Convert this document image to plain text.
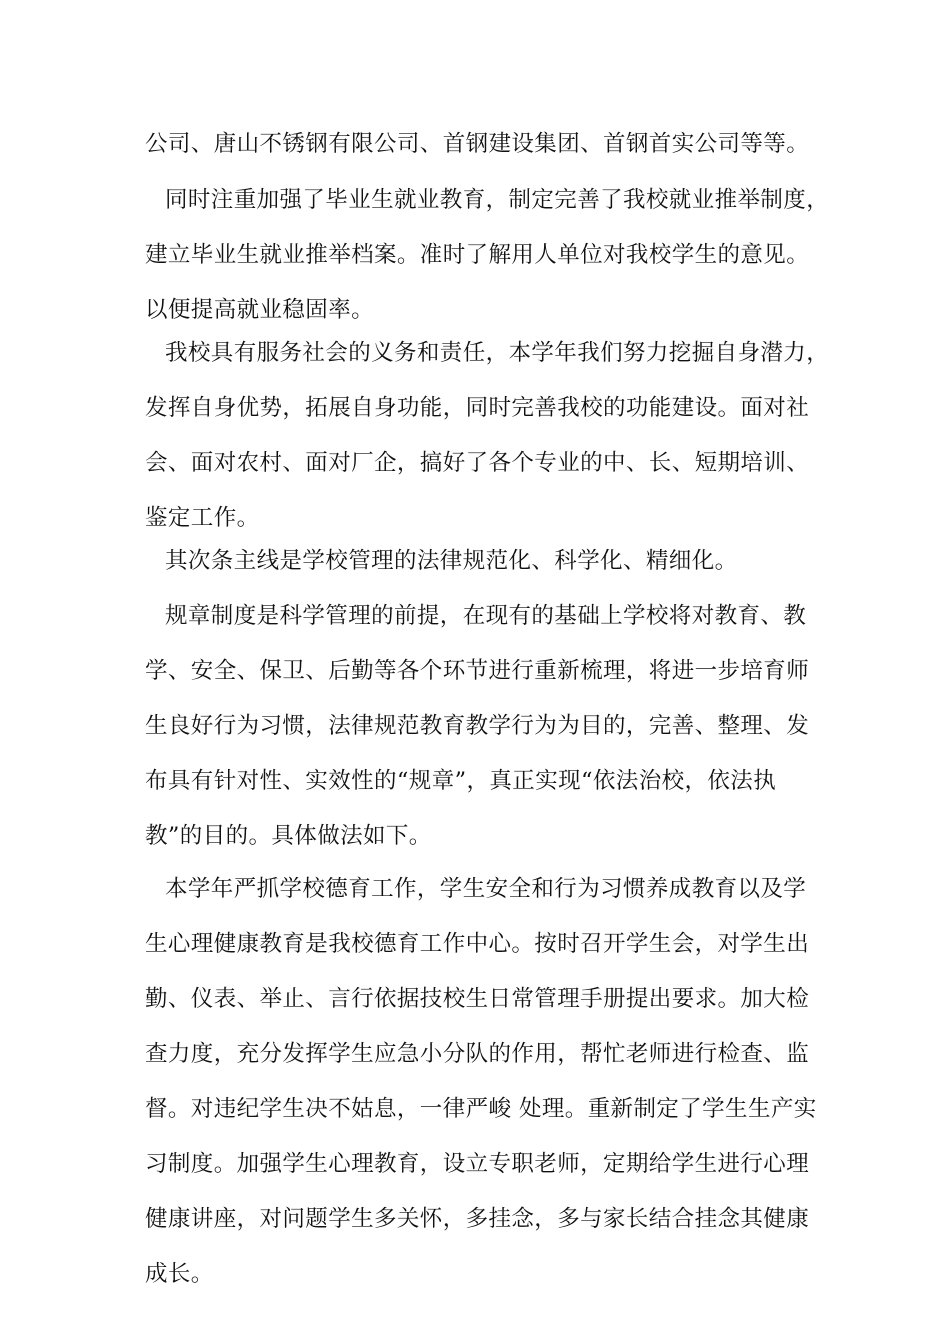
公司、唐山不锈钢有限公司、首钢建设集团、首钢首实公司等等。
同时注重加强了毕业生就业教育，制定完善了我校就业推举制度，
建立毕业生就业推举档案。准时了解用人单位对我校学生的意见。
以便提高就业稳固率。
我校具有服务社会的义务和责任，本学年我们努力挖掘自身潜力，
发挥自身优势，拓展自身功能，同时完善我校的功能建设。面对社
会、面对农村、面对厂企，搞好了各个专业的中、长、短期培训、
鉴定工作。
其次条主线是学校管理的法律规范化、科学化、精细化。
规章制度是科学管理的前提，在现有的基础上学校将对教育、教
学、安全、保卫、后勤等各个环节进行重新梳理，将进一步培育师
生良好行为习惯，法律规范教育教学行为为目的，完善、整理、发
布具有针对性、实效性的“规章”，真正实现“依法治校，依法执
教”的目的。具体做法如下。
本学年严抓学校德育工作，学生安全和行为习惯养成教育以及学
生心理健康教育是我校德育工作中心。按时召开学生会，对学生出
勤、仪表、举止、言行依据技校生日常管理手册提出要求。加大检
查力度，充分发挥学生应急小分队的作用，帮忙老师进行检查、监
督。对违纪学生决不姑息，一律严峻 处理。重新制定了学生生产实
习制度。加强学生心理教育，设立专职老师，定期给学生进行心理
健康讲座，对问题学生多关怀，多挂念，多与家长结合挂念其健康
成长。
